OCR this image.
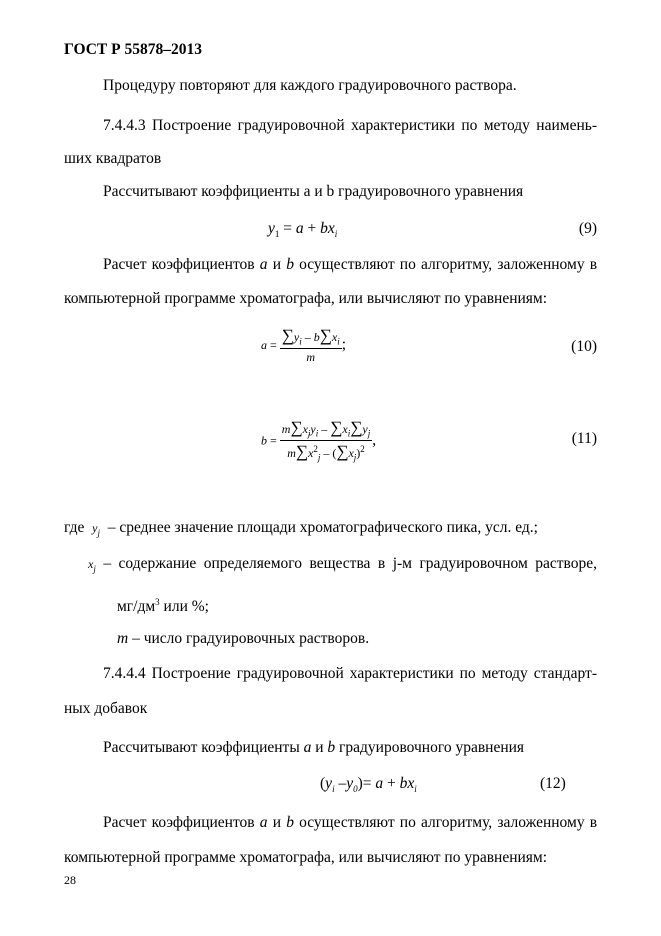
ГОСТ Р 55878–2013
Процедуру повторяют для каждого градуировочного раствора.
7.4.4.3 Построение градуировочной характеристики по методу наимень-
ших квадратов
Рассчитывают коэффициенты a и b градуировочного уравнения
$y_1 = a + bx_i$	(9)
Расчет коэффициентов a и b осуществляют по алгоритму, заложенному в
компьютерной программе хроматографа, или вычисляют по уравнениям:
$a = \frac{\sum y_i - b\sum x_i}{m}$ ;	(10)
$b = \frac{m\sum x_jy_i - \sum x_i\sum y_j}{m\sum x^2_j - (\sum x_j)^2}$ ,	(11)
где $y_j$ – среднее значение площади хроматографического пика, усл. ед.;
$x_j$ – содержание определяемого вещества в j-м градуировочном растворе,
$мг/дм^3$ или %;
m – число градуировочных растворов.
7.4.4.4 Построение градуировочной характеристики по методу стандарт-
ных добавок
Рассчитывают коэффициенты a и b градуировочного уравнения
($y_i$ $-y_0)= a + bx_i$	(12)
Расчет коэффициентов a и b осуществляют по алгоритму, заложенному в
компьютерной программе хроматографа, или вычисляют по уравнениям:
28
